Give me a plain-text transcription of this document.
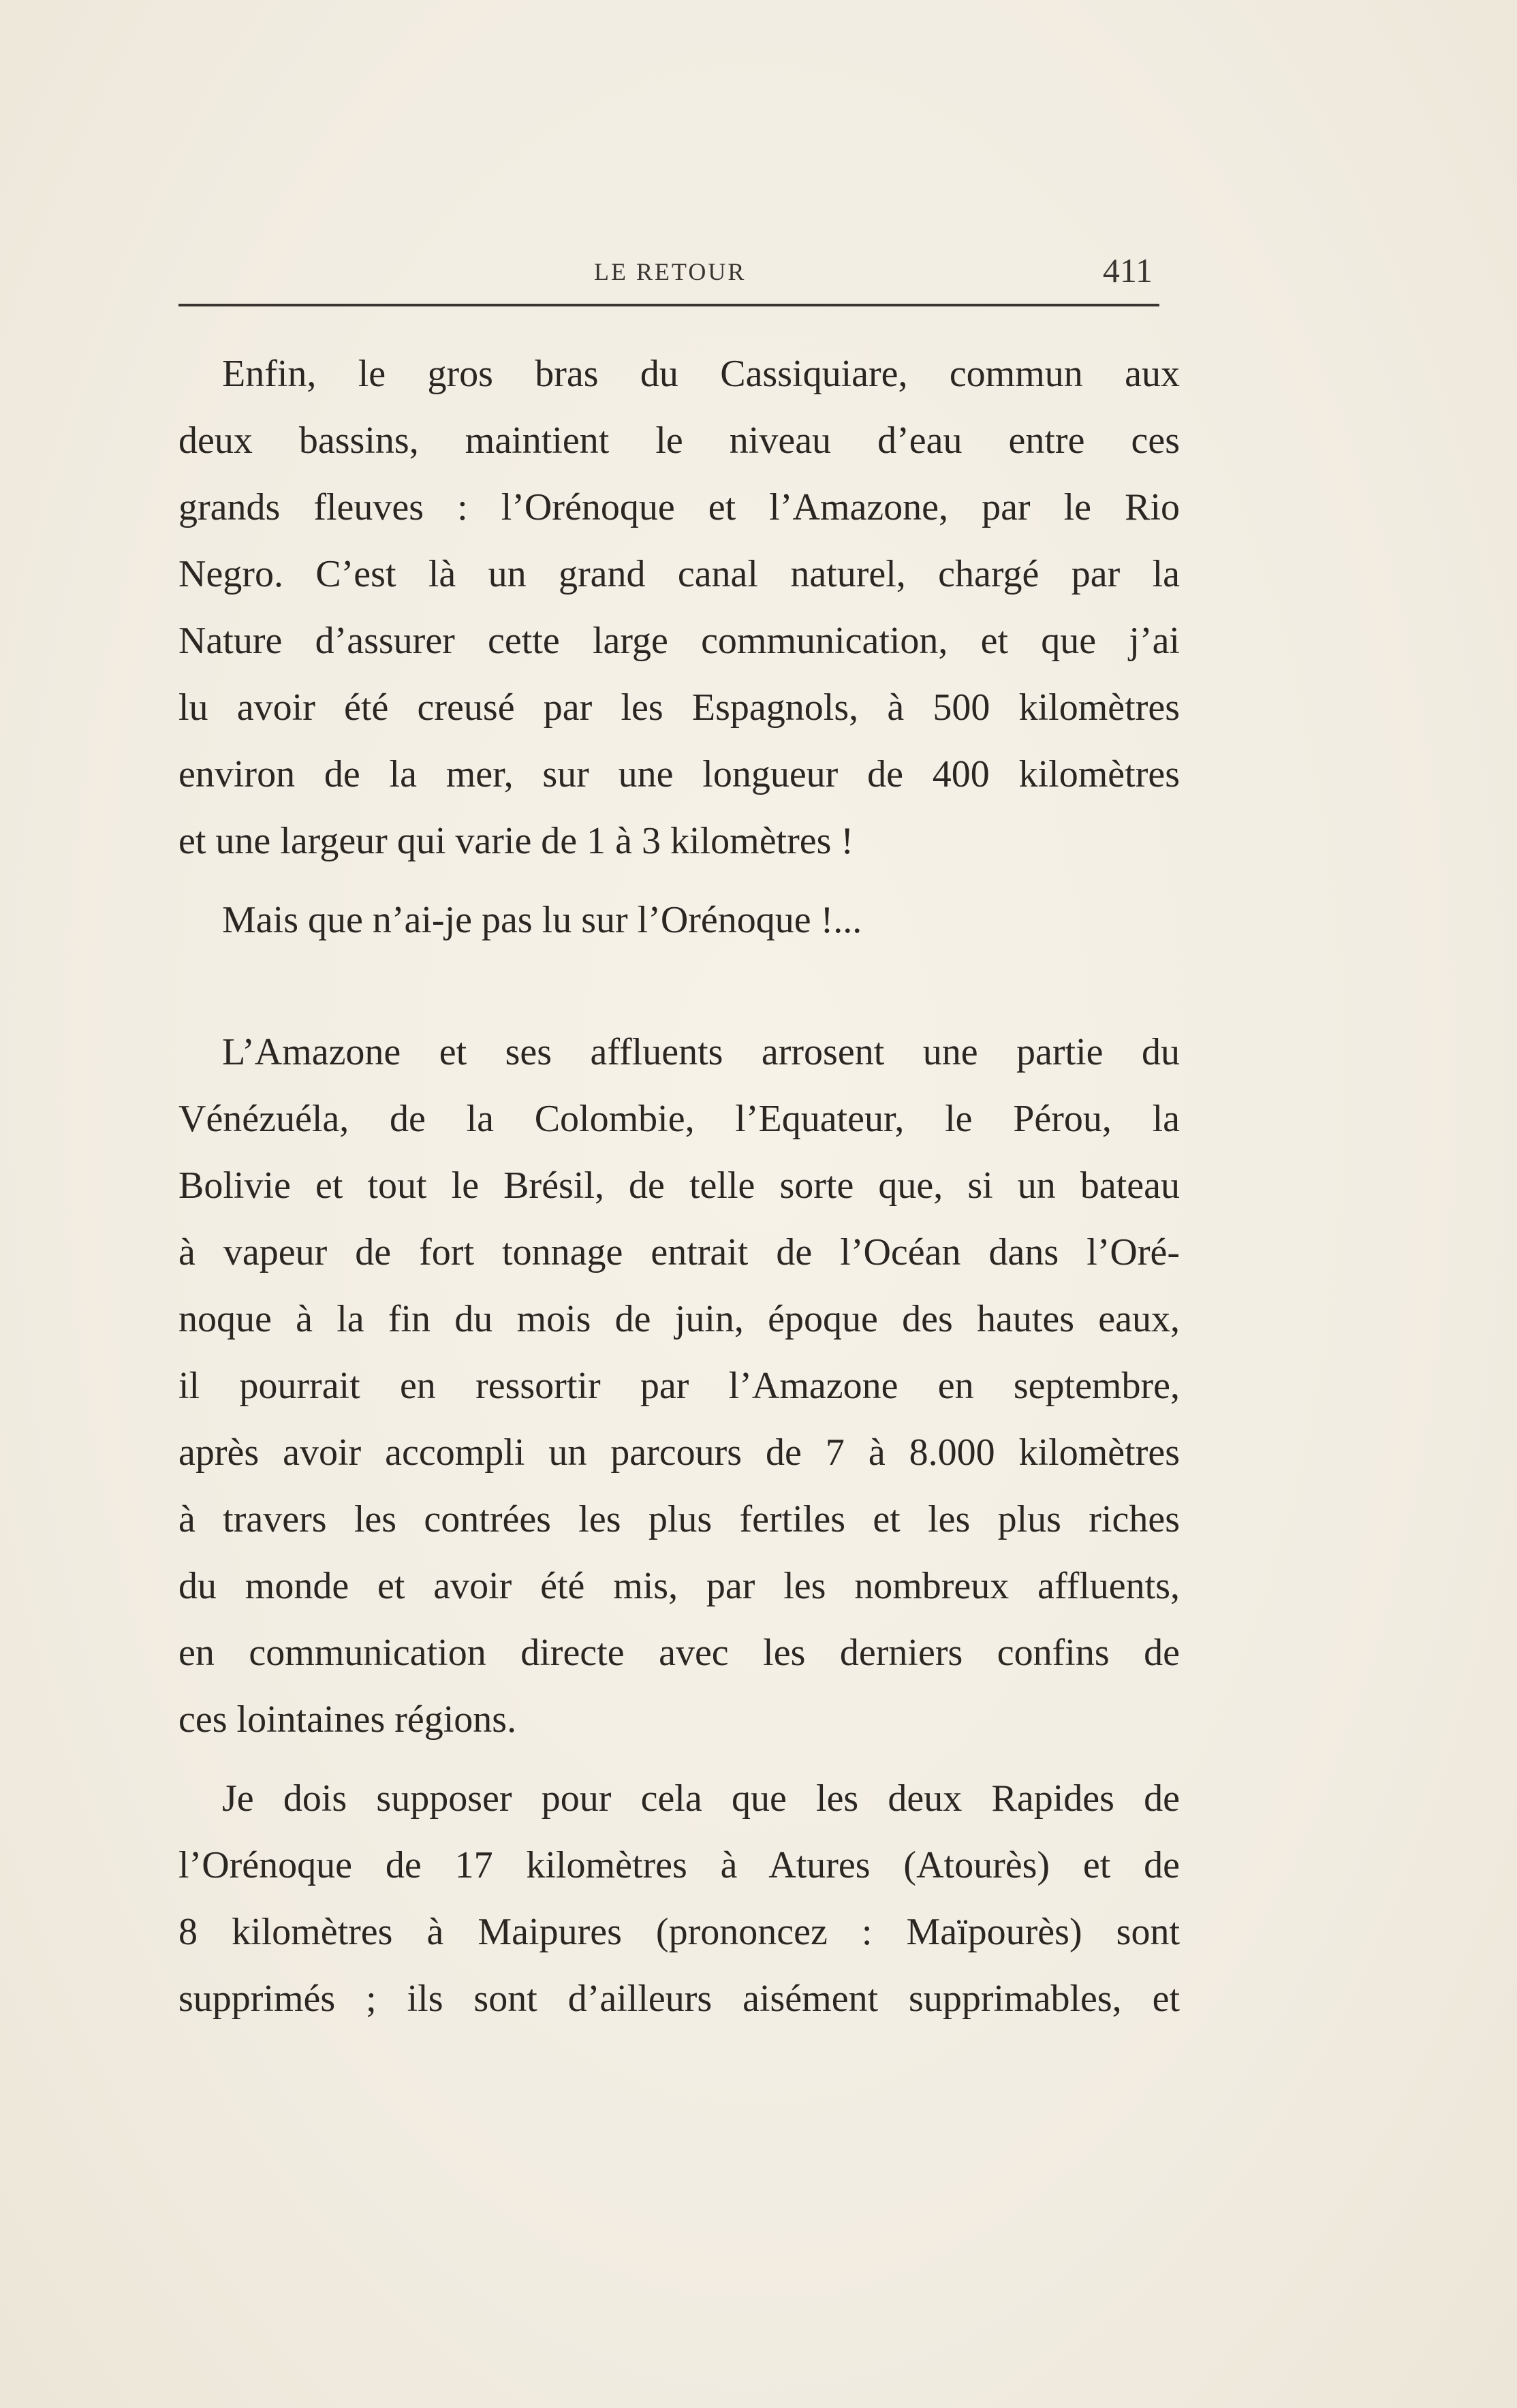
LE RETOUR	411
Enfin, le gros bras du Cassiquiare, commun aux
deux bassins, maintient le niveau d’eau entre ces
grands fleuves : l’Orénoque et l’Amazone, par le Rio
Negro. C’est là un grand canal naturel, chargé par la
Nature d’assurer cette large communication, et que j’ai
lu avoir été creusé par les Espagnols, à 500 kilomètres
environ de la mer, sur une longueur de 400 kilomètres
et une largeur qui varie de 1 à 3 kilomètres !
Mais que n’ai-je pas lu sur l’Orénoque !...
L’Amazone et ses affluents arrosent une partie du
Vénézuéla, de la Colombie, l’Equateur, le Pérou, la
Bolivie et tout le Brésil, de telle sorte que, si un bateau
à vapeur de fort tonnage entrait de l’Océan dans l’Oré-
noque à la fin du mois de juin, époque des hautes eaux,
il pourrait en ressortir par l’Amazone en septembre,
après avoir accompli un parcours de 7 à 8.000 kilomètres
à travers les contrées les plus fertiles et les plus riches
du monde et avoir été mis, par les nombreux affluents,
en communication directe avec les derniers confins de
ces lointaines régions.
Je dois supposer pour cela que les deux Rapides de
l’Orénoque de 17 kilomètres à Atures (Atourès) et de
8 kilomètres à Maipures (prononcez : Maïpourès) sont
supprimés ; ils sont d’ailleurs aisément supprimables, et
